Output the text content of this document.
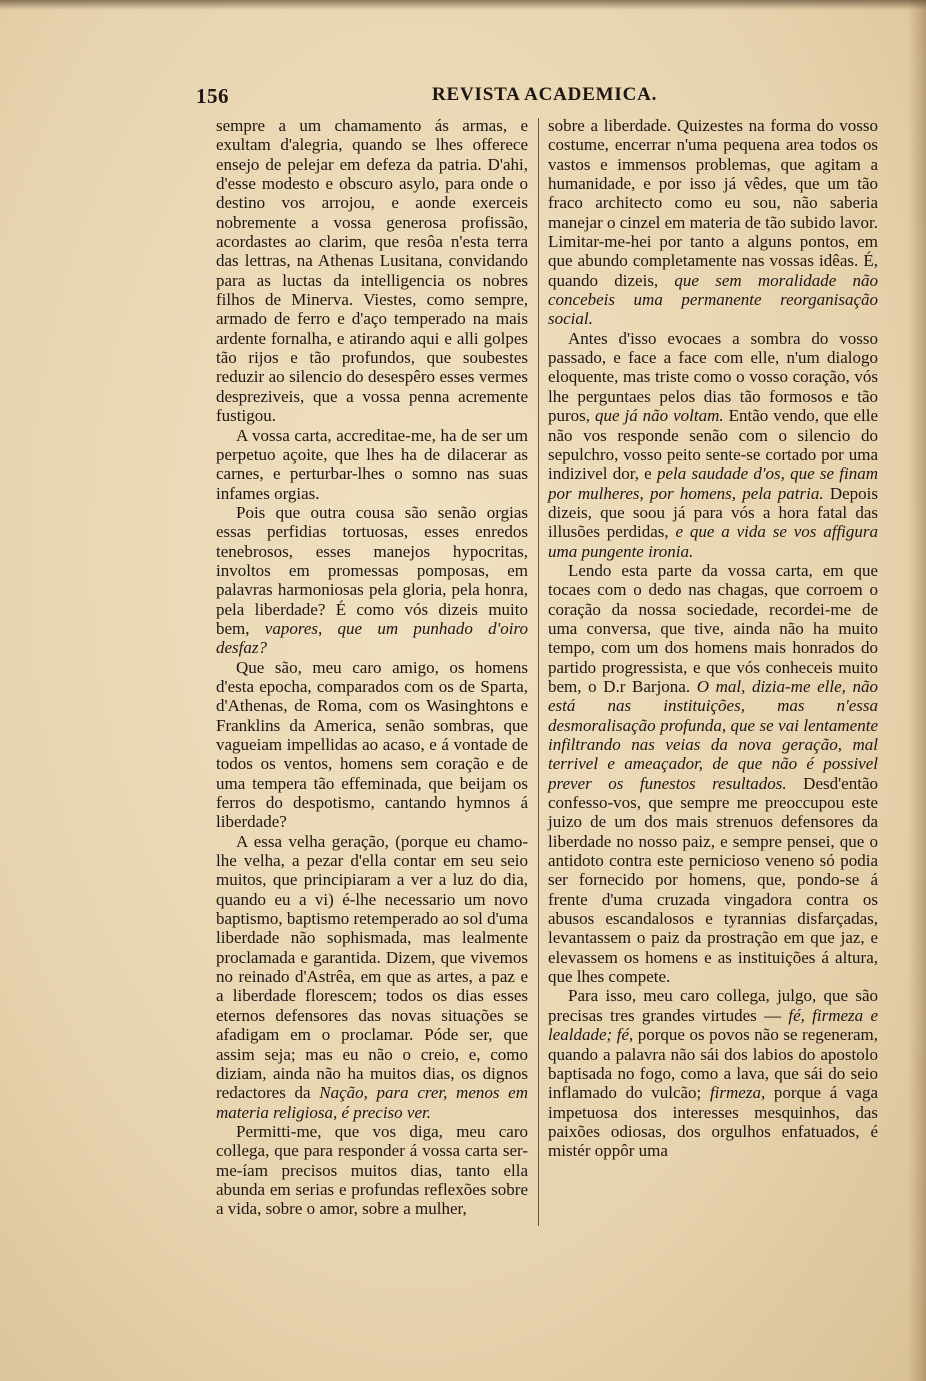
156	REVISTA ACADEMICA.

sempre a um chamamento ás armas, e exultam d'alegria, quando se lhes offerece ensejo de pelejar em defeza da patria. D'ahi, d'esse modesto e obscuro asylo, para onde o destino vos arrojou, e aonde exerceis nobremente a vossa generosa profissão, acordastes ao clarim, que resôa n'esta terra das lettras, na Athenas Lusitana, convidando para as luctas da intelligencia os nobres filhos de Minerva. Viestes, como sempre, armado de ferro e d'aço temperado na mais ardente fornalha, e atirando aqui e alli golpes tão rijos e tão profundos, que soubestes reduzir ao silencio do desespêro esses vermes despreziveis, que a vossa penna acremente fustigou.

A vossa carta, accreditae-me, ha de ser um perpetuo açoite, que lhes ha de dilacerar as carnes, e perturbar-lhes o somno nas suas infames orgias.

Pois que outra cousa são senão orgias essas perfidias tortuosas, esses enredos tenebrosos, esses manejos hypocritas, involtos em promessas pomposas, em palavras harmoniosas pela gloria, pela honra, pela liberdade? É como vós dizeis muito bem, vapores, que um punhado d'oiro desfaz?

Que são, meu caro amigo, os homens d'esta epocha, comparados com os de Sparta, d'Athenas, de Roma, com os Wasinghtons e Franklins da America, senão sombras, que vagueiam impellidas ao acaso, e á vontade de todos os ventos, homens sem coração e de uma tempera tão effeminada, que beijam os ferros do despotismo, cantando hymnos á liberdade?

A essa velha geração, (porque eu chamo-lhe velha, a pezar d'ella contar em seu seio muitos, que principiaram a ver a luz do dia, quando eu a vi) é-lhe necessario um novo baptismo, baptismo retemperado ao sol d'uma liberdade não sophismada, mas lealmente proclamada e garantida. Dizem, que vivemos no reinado d'Astrêa, em que as artes, a paz e a liberdade florescem; todos os dias esses eternos defensores das novas situações se afadigam em o proclamar. Póde ser, que assim seja; mas eu não o creio, e, como diziam, ainda não ha muitos dias, os dignos redactores da Nação, para crer, menos em materia religiosa, é preciso ver.

Permitti-me, que vos diga, meu caro collega, que para responder á vossa carta ser-me-íam precisos muitos dias, tanto ella abunda em serias e profundas reflexões sobre a vida, sobre o amor, sobre a mulher,

sobre a liberdade. Quizestes na forma do vosso costume, encerrar n'uma pequena area todos os vastos e immensos problemas, que agitam a humanidade, e por isso já vêdes, que um tão fraco architecto como eu sou, não saberia manejar o cinzel em materia de tão subido lavor. Limitar-me-hei por tanto a alguns pontos, em que abundo completamente nas vossas idêas. É, quando dizeis, que sem moralidade não concebeis uma permanente reorganisação social.

Antes d'isso evocaes a sombra do vosso passado, e face a face com elle, n'um dialogo eloquente, mas triste como o vosso coração, vós lhe perguntaes pelos dias tão formosos e tão puros, que já não voltam. Então vendo, que elle não vos responde senão com o silencio do sepulchro, vosso peito sente-se cortado por uma indizivel dor, e pela saudade d'os, que se finam por mulheres, por homens, pela patria. Depois dizeis, que soou já para vós a hora fatal das illusões perdidas, e que a vida se vos affigura uma pungente ironia.

Lendo esta parte da vossa carta, em que tocaes com o dedo nas chagas, que corroem o coração da nossa sociedade, recordei-me de uma conversa, que tive, ainda não ha muito tempo, com um dos homens mais honrados do partido progressista, e que vós conheceis muito bem, o D.r Barjona. O mal, dizia-me elle, não está nas instituições, mas n'essa desmoralisação profunda, que se vai lentamente infiltrando nas veias da nova geração, mal terrivel e ameaçador, de que não é possivel prever os funestos resultados. Desd'então confesso-vos, que sempre me preoccupou este juizo de um dos mais strenuos defensores da liberdade no nosso paiz, e sempre pensei, que o antidoto contra este pernicioso veneno só podia ser fornecido por homens, que, pondo-se á frente d'uma cruzada vingadora contra os abusos escandalosos e tyrannias disfarçadas, levantassem o paiz da prostração em que jaz, e elevassem os homens e as instituições á altura, que lhes compete.

Para isso, meu caro collega, julgo, que são precisas tres grandes virtudes — fé, firmeza e lealdade; fé, porque os povos não se regeneram, quando a palavra não sái dos labios do apostolo baptisada no fogo, como a lava, que sái do seio inflamado do vulcão; firmeza, porque á vaga impetuosa dos interesses mesquinhos, das paixões odiosas, dos orgulhos enfatuados, é mistér oppôr uma
